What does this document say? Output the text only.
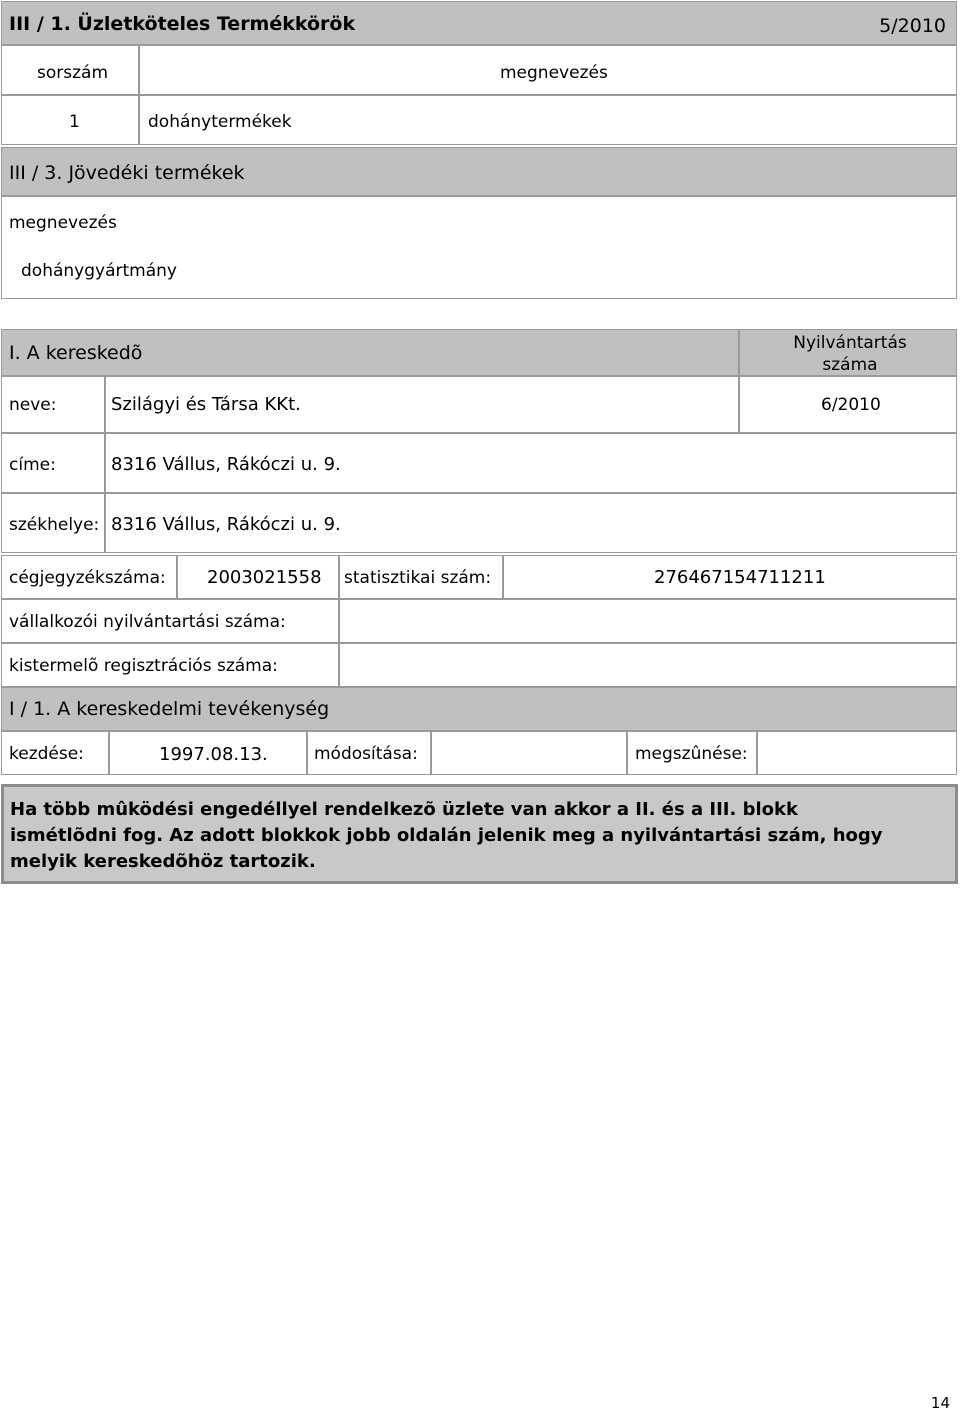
III / 1. Üzletköteles Termékkörök	5/2010
sorszám	megnevezés
1	dohánytermékek
III / 3. Jövedéki termékek
megnevezés
dohánygyártmány
I. A kereskedõ	Nyilvántartás száma
neve:	Szilágyi és Társa KKt.	6/2010
címe:	8316 Vállus, Rákóczi u. 9.
székhelye: 8316 Vállus, Rákóczi u. 9.
cégjegyzékszáma: 2003021558 statisztikai szám:	276467154711211
vállalkozói nyilvántartási száma:
kistermelõ regisztrációs száma:
I / 1. A kereskedelmi tevékenység
kezdése:	1997.08.13.	módosítása:	megszûnése:
Ha több mûködési engedéllyel rendelkezõ üzlete van akkor a II. és a III. blokk ismétlõdni fog. Az adott blokkok jobb oldalán jelenik meg a nyilvántartási szám, hogy melyik kereskedõhöz tartozik.
14
